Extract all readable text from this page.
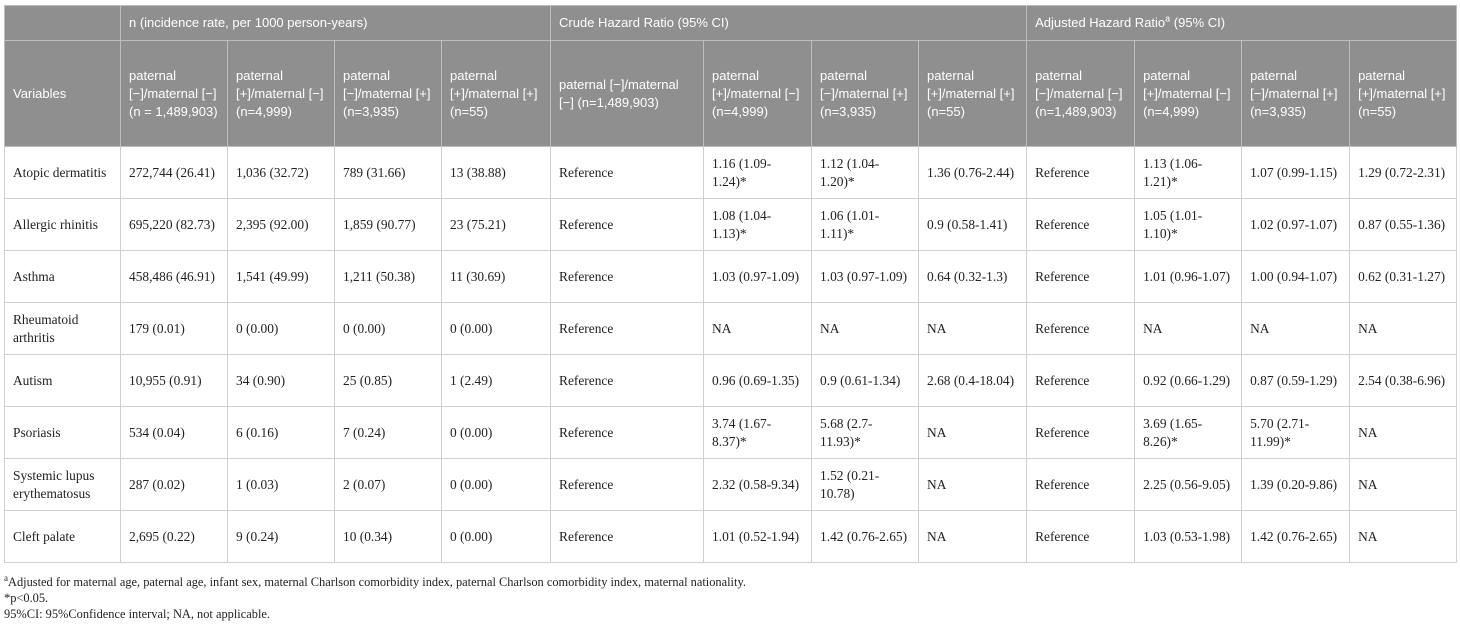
	n (incidence rate, per 1000 person-years)				Crude Hazard Ratio (95% CI)				Adjusted Hazard Ratio$^a$ (95% CI)			
Variables	paternal [−]/maternal [−] (n = 1,489,903)	paternal [+]/maternal [−] (n=4,999)	paternal [−]/maternal [+] (n=3,935)	paternal [+]/maternal [+] (n=55)	paternal [−]/maternal [−] (n=1,489,903)	paternal [+]/maternal [−] (n=4,999)	paternal [−]/maternal [+] (n=3,935)	paternal [+]/maternal [+] (n=55)	paternal [−]/maternal [−] (n=1,489,903)	paternal [+]/maternal [−] (n=4,999)	paternal [−]/maternal [+] (n=3,935)	paternal [+]/maternal [+] (n=55)
Atopic dermatitis	272,744 (26.41)	1,036 (32.72)	789 (31.66)	13 (38.88)	Reference	1.16 (1.09-1.24)*	1.12 (1.04-1.20)*	1.36 (0.76-2.44)	Reference	1.13 (1.06-1.21)*	1.07 (0.99-1.15)	1.29 (0.72-2.31)
Allergic rhinitis	695,220 (82.73)	2,395 (92.00)	1,859 (90.77)	23 (75.21)	Reference	1.08 (1.04-1.13)*	1.06 (1.01-1.11)*	0.9 (0.58-1.41)	Reference	1.05 (1.01-1.10)*	1.02 (0.97-1.07)	0.87 (0.55-1.36)
Asthma	458,486 (46.91)	1,541 (49.99)	1,211 (50.38)	11 (30.69)	Reference	1.03 (0.97-1.09)	1.03 (0.97-1.09)	0.64 (0.32-1.3)	Reference	1.01 (0.96-1.07)	1.00 (0.94-1.07)	0.62 (0.31-1.27)
Rheumatoid arthritis	179 (0.01)	0 (0.00)	0 (0.00)	0 (0.00)	Reference	NA	NA	NA	Reference	NA	NA	NA
Autism	10,955 (0.91)	34 (0.90)	25 (0.85)	1 (2.49)	Reference	0.96 (0.69-1.35)	0.9 (0.61-1.34)	2.68 (0.4-18.04)	Reference	0.92 (0.66-1.29)	0.87 (0.59-1.29)	2.54 (0.38-6.96)
Psoriasis	534 (0.04)	6 (0.16)	7 (0.24)	0 (0.00)	Reference	3.74 (1.67-8.37)*	5.68 (2.7-11.93)*	NA	Reference	3.69 (1.65-8.26)*	5.70 (2.71-11.99)*	NA
Systemic lupus erythematosus	287 (0.02)	1 (0.03)	2 (0.07)	0 (0.00)	Reference	2.32 (0.58-9.34)	1.52 (0.21-10.78)	NA	Reference	2.25 (0.56-9.05)	1.39 (0.20-9.86)	NA
Cleft palate	2,695 (0.22)	9 (0.24)	10 (0.34)	0 (0.00)	Reference	1.01 (0.52-1.94)	1.42 (0.76-2.65)	NA	Reference	1.03 (0.53-1.98)	1.42 (0.76-2.65)	NA
$^a$Adjusted for maternal age, paternal age, infant sex, maternal Charlson comorbidity index, paternal Charlson comorbidity index, maternal nationality.
*p<0.05.
95%CI: 95%Confidence interval; NA, not applicable.
